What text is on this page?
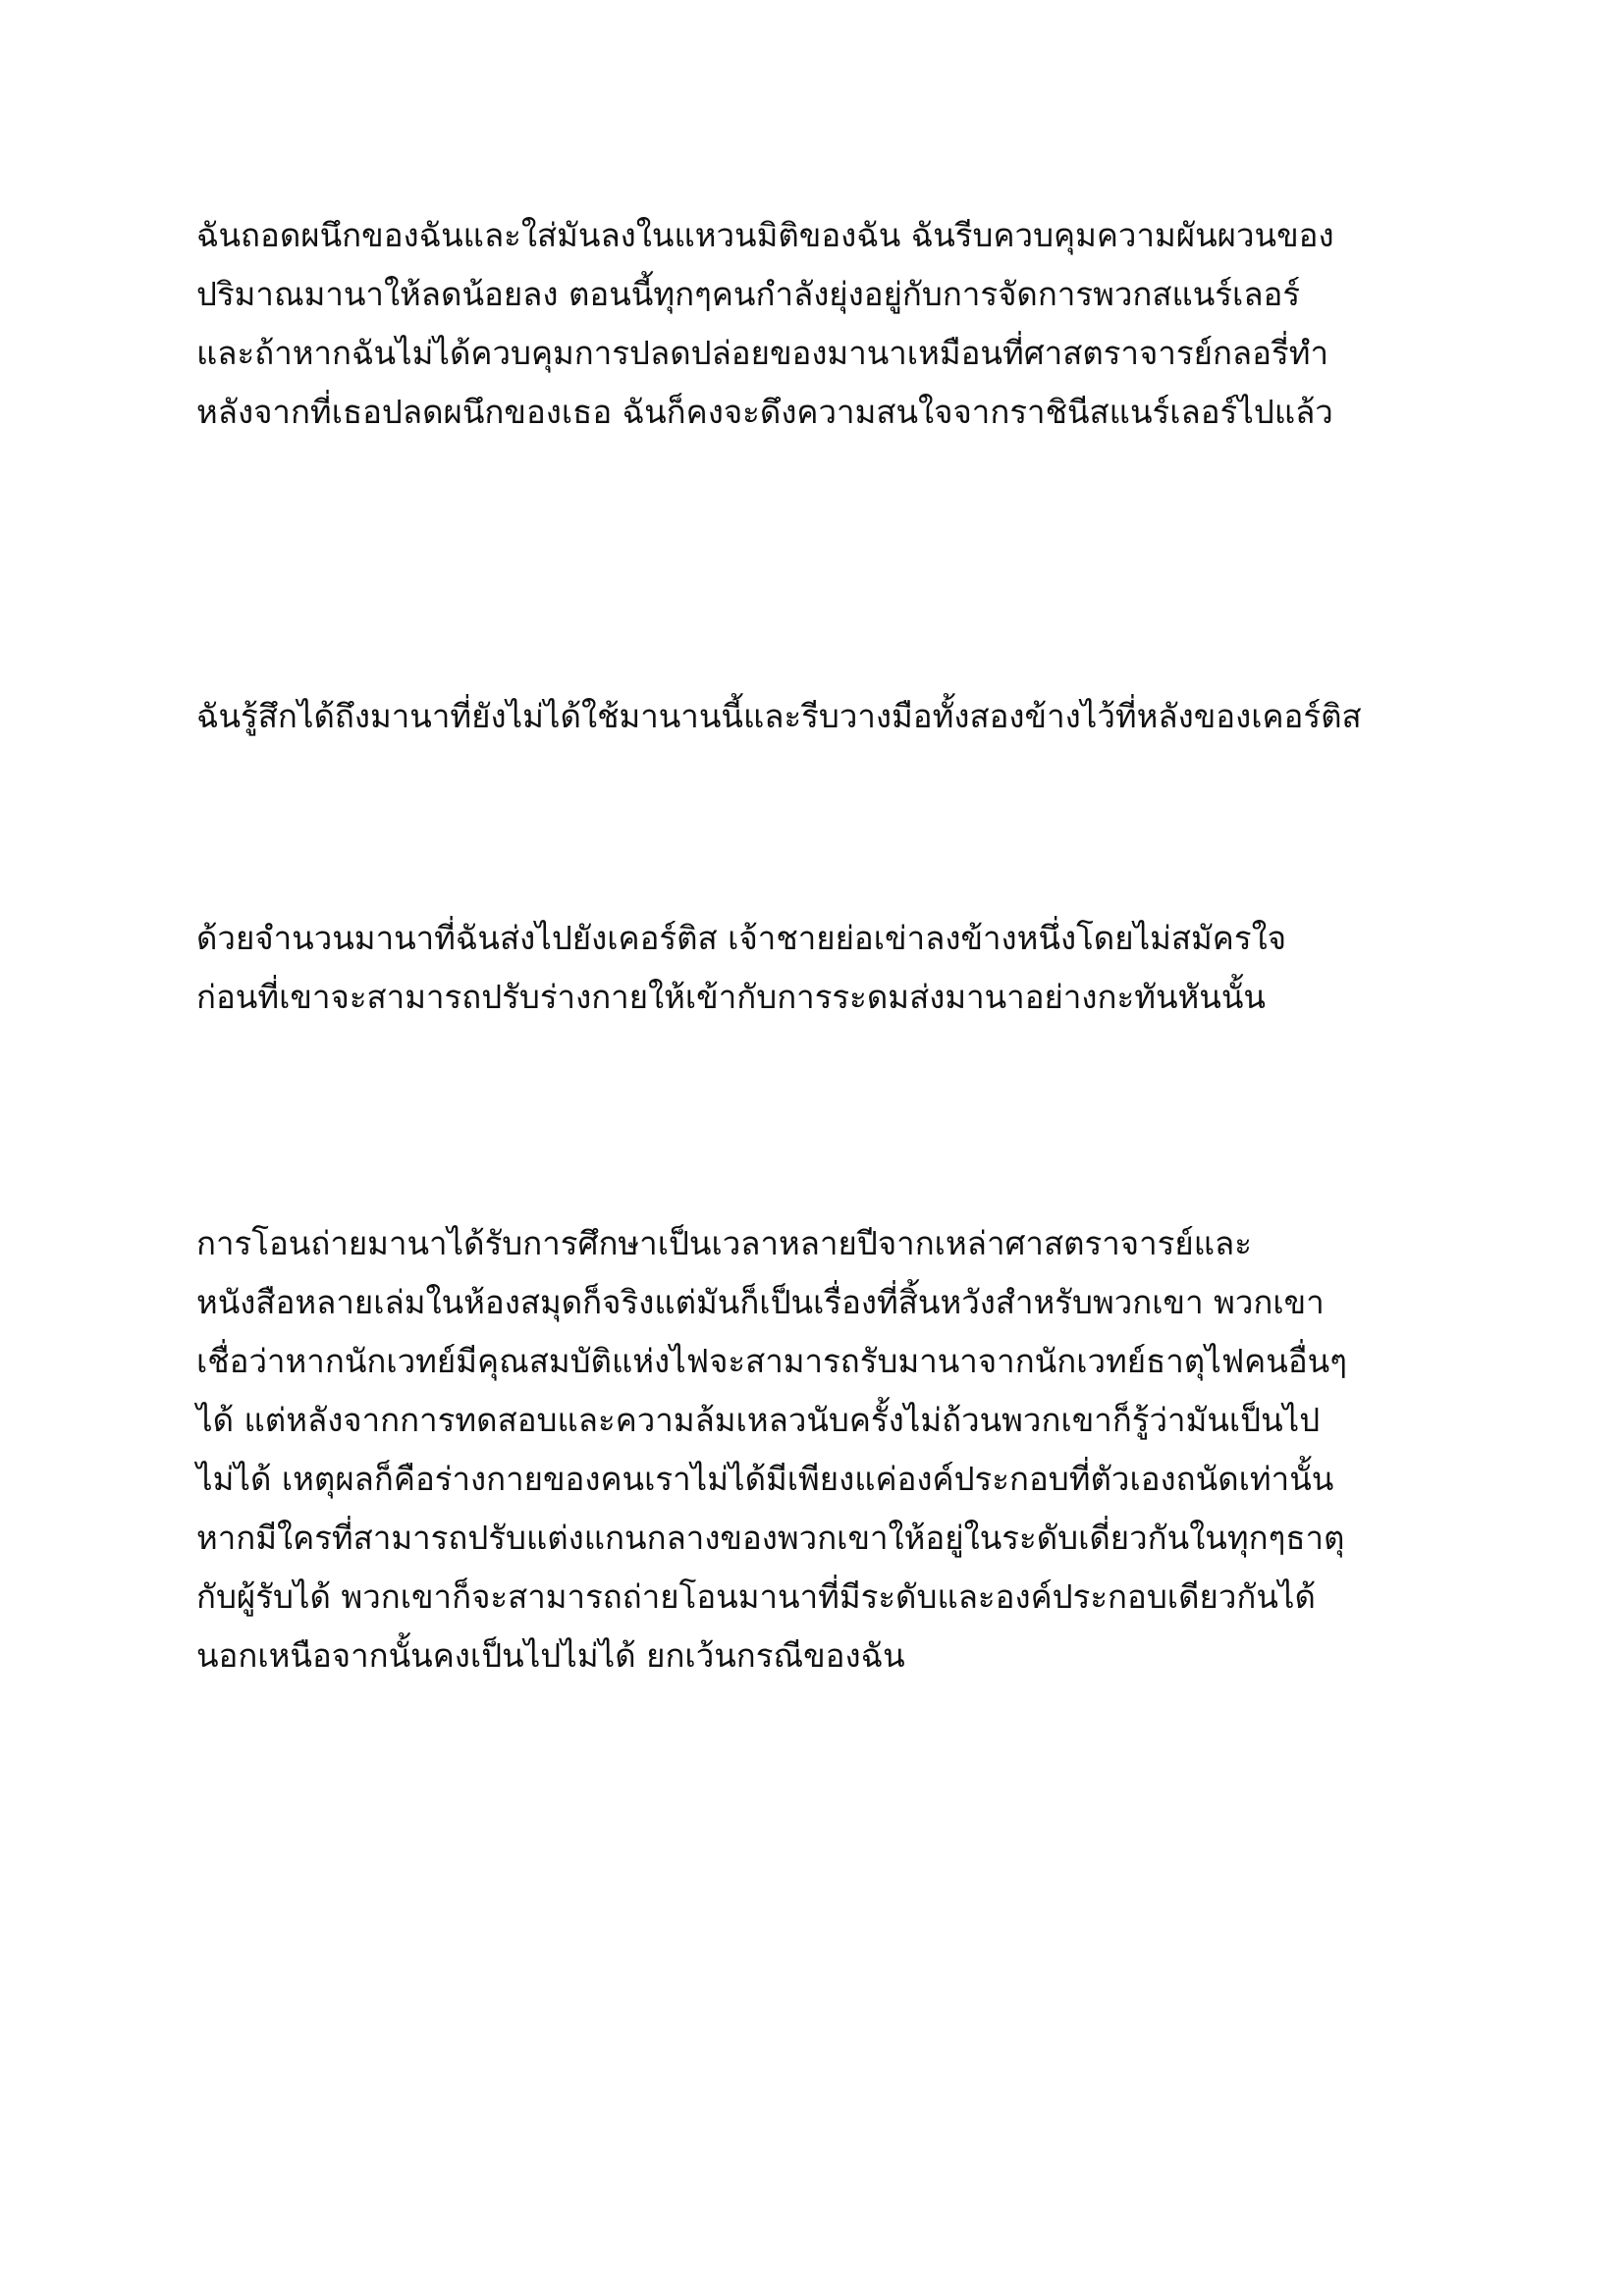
ฉันถอดผนึกของฉันและใส่มันลงในแหวนมิติของฉัน ฉันรีบควบคุมความผันผวนของ
ปริมาณมานาให้ลดน้อยลง ตอนนี้ทุกๆคนกำลังยุ่งอยู่กับการจัดการพวกสแนร์เลอร์
และถ้าหากฉันไม่ได้ควบคุมการปลดปล่อยของมานาเหมือนที่ศาสตราจารย์กลอรี่ทำ
หลังจากที่เธอปลดผนึกของเธอ ฉันก็คงจะดึงความสนใจจากราชินีสแนร์เลอร์ไปแล้ว

ฉันรู้สึกได้ถึงมานาที่ยังไม่ได้ใช้มานานนี้และรีบวางมือทั้งสองข้างไว้ที่หลังของเคอร์ติส

ด้วยจำนวนมานาที่ฉันส่งไปยังเคอร์ติส เจ้าชายย่อเข่าลงข้างหนึ่งโดยไม่สมัครใจ
ก่อนที่เขาจะสามารถปรับร่างกายให้เข้ากับการระดมส่งมานาอย่างกะทันหันนั้น

การโอนถ่ายมานาได้รับการศึกษาเป็นเวลาหลายปีจากเหล่าศาสตราจารย์และ
หนังสือหลายเล่มในห้องสมุดก็จริงแต่มันก็เป็นเรื่องที่สิ้นหวังสำหรับพวกเขา พวกเขา
เชื่อว่าหากนักเวทย์มีคุณสมบัติแห่งไฟจะสามารถรับมานาจากนักเวทย์ธาตุไฟคนอื่นๆ
ได้ แต่หลังจากการทดสอบและความล้มเหลวนับครั้งไม่ถ้วนพวกเขาก็รู้ว่ามันเป็นไป
ไม่ได้ เหตุผลก็คือร่างกายของคนเราไม่ได้มีเพียงแค่องค์ประกอบที่ตัวเองถนัดเท่านั้น
หากมีใครที่สามารถปรับแต่งแกนกลางของพวกเขาให้อยู่ในระดับเดี่ยวกันในทุกๆธาตุ
กับผู้รับได้ พวกเขาก็จะสามารถถ่ายโอนมานาที่มีระดับและองค์ประกอบเดียวกันได้
นอกเหนือจากนั้นคงเป็นไปไม่ได้ ยกเว้นกรณีของฉัน
